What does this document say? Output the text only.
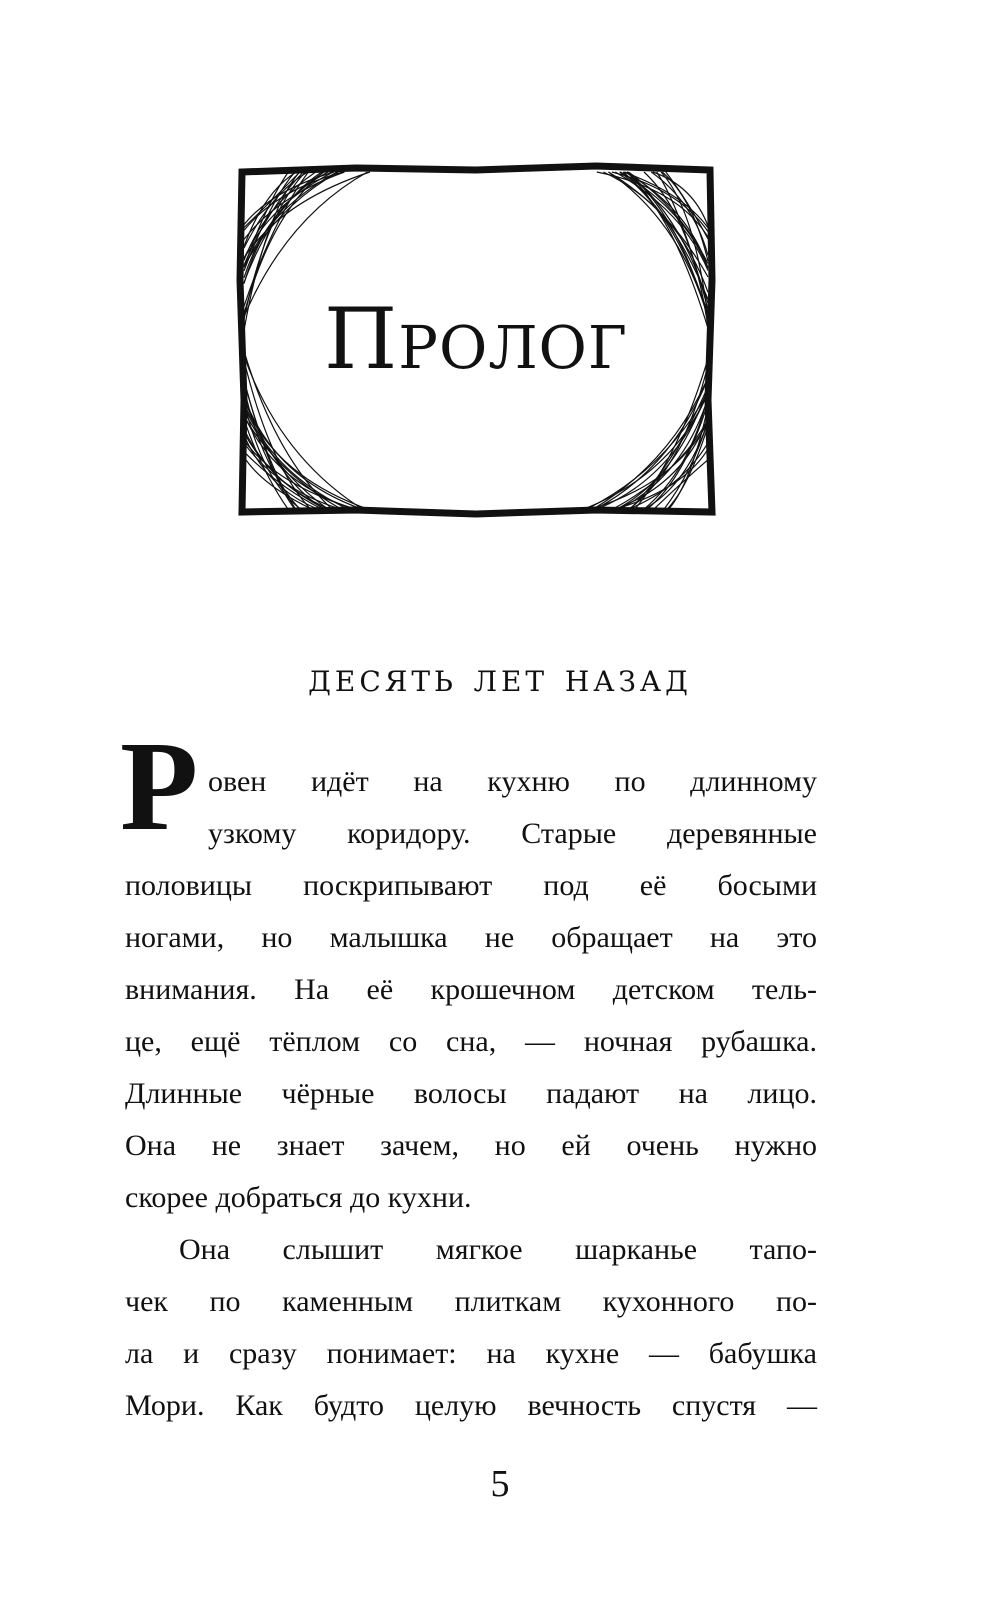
Пролог
десять лет назад
Р овен идёт на кухню по длинному
узкому коридору. Старые деревянные
половицы поскрипывают под её босыми
ногами, но малышка не обращает на это
внимания. На её крошечном детском тель-
це, ещё тёплом со сна, — ночная рубашка.
Длинные чёрные волосы падают на лицо.
Она не знает зачем, но ей очень нужно
скорее добраться до кухни.
Она слышит мягкое шарканье тапо-
чек по каменным плиткам кухонного по-
ла и сразу понимает: на кухне — бабушка
Мори. Как будто целую вечность спустя —
5
